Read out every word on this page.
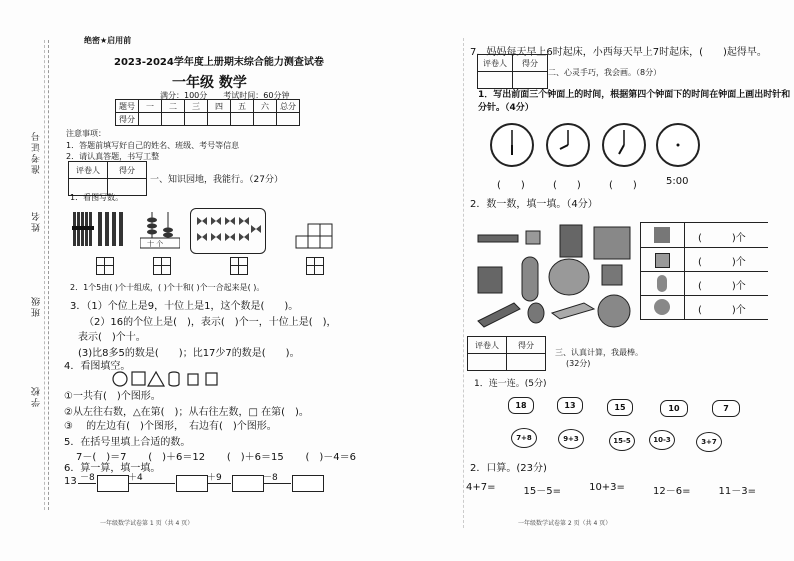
准考证号
姓名
班级
学校
绝密★启用前
2023-2024学年度上册期末综合能力测查试卷
一年级 数学
满分：100分　　考试时间：60分钟
题号	一	二	三	四	五	六	总分
得分							
注意事项：
1．答题前填写好自己的姓名、班级、考号等信息
2．请认真答题，书写工整
评卷人	得分

一、知识园地，我能行。（27分）
1．看图写数。
十 个
2．1个5由( )个十组成，( )个十和( )个一合起来是( )。
3．（1）个位上是9，十位上是1，这个数是(　　)。
（2）16的个位上是(　)，表示(　)个一，十位上是(　)，
表示(　)个十。
(3)比8多5的数是(　　)；比17少7的数是(　　)。
4．看图填空。
①一共有(　)个图形。
②从左往右数，△在第(　)；从右往左数，□ 在第(　)。
③ 　的左边有(　)个图形，　右边有(　)个图形。
5．在括号里填上合适的数。
7－(　)＝7 (　)＋6＝12 (　)＋6＝15 (　)－4＝6
6．算一算，填一填。
13 －8	＋4	＋9	－8
一年级数学试卷第 1 页（共 4 页）
7．妈妈每天早上6时起床，小西每天早上7时起床，(　　)起得早。
评卷人	得分

二、心灵手巧，我会画。（8分）
1．写出前面三个钟面上的时间，根据第四个钟面下的时间在钟面上画出时针和
分针。（4分）
(　　)	(　　)	(　　)	5:00
2．数一数，填一填。（4分）
(　　　)个
(　　　)个
(　　　)个
(　　　)个
评卷人	得分

三、认真计算，我最棒。
(32分)
1．连一连。(5分)
18	13	15	10	7
7+8	9+3	15-5	10-3	3+7
2．口算。(23分)
4+7=	15－5=	10+3=	12－6=	11－3=
一年级数学试卷第 2 页（共 4 页）
